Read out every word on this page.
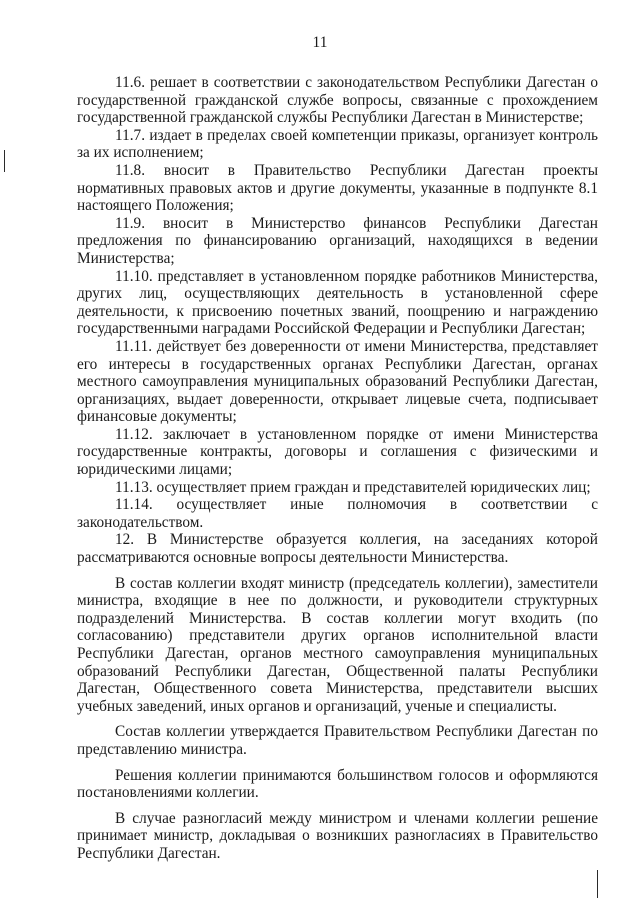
11

11.6. решает в соответствии с законодательством Республики Дагестан о государственной гражданской службе вопросы, связанные с прохождением государственной гражданской службы Республики Дагестан в Министерстве;

11.7. издает в пределах своей компетенции приказы, организует контроль за их исполнением;

11.8. вносит в Правительство Республики Дагестан проекты нормативных правовых актов и другие документы, указанные в подпункте 8.1 настоящего Положения;

11.9. вносит в Министерство финансов Республики Дагестан предложения по финансированию организаций, находящихся в ведении Министерства;

11.10. представляет в установленном порядке работников Министерства, других лиц, осуществляющих деятельность в установленной сфере деятельности, к присвоению почетных званий, поощрению и награждению государственными наградами Российской Федерации и Республики Дагестан;

11.11. действует без доверенности от имени Министерства, представляет его интересы в государственных органах Республики Дагестан, органах местного самоуправления муниципальных образований Республики Дагестан, организациях, выдает доверенности, открывает лицевые счета, подписывает финансовые документы;

11.12. заключает в установленном порядке от имени Министерства государственные контракты, договоры и соглашения с физическими и юридическими лицами;

11.13. осуществляет прием граждан и представителей юридических лиц;

11.14. осуществляет иные полномочия в соответствии с законодательством.

12. В Министерстве образуется коллегия, на заседаниях которой рассматриваются основные вопросы деятельности Министерства.

В состав коллегии входят министр (председатель коллегии), заместители министра, входящие в нее по должности, и руководители структурных подразделений Министерства. В состав коллегии могут входить (по согласованию) представители других органов исполнительной власти Республики Дагестан, органов местного самоуправления муниципальных образований Республики Дагестан, Общественной палаты Республики Дагестан, Общественного совета Министерства, представители высших учебных заведений, иных органов и организаций, ученые и специалисты.

Состав коллегии утверждается Правительством Республики Дагестан по представлению министра.

Решения коллегии принимаются большинством голосов и оформляются постановлениями коллегии.

В случае разногласий между министром и членами коллегии решение принимает министр, докладывая о возникших разногласиях в Правительство Республики Дагестан.
